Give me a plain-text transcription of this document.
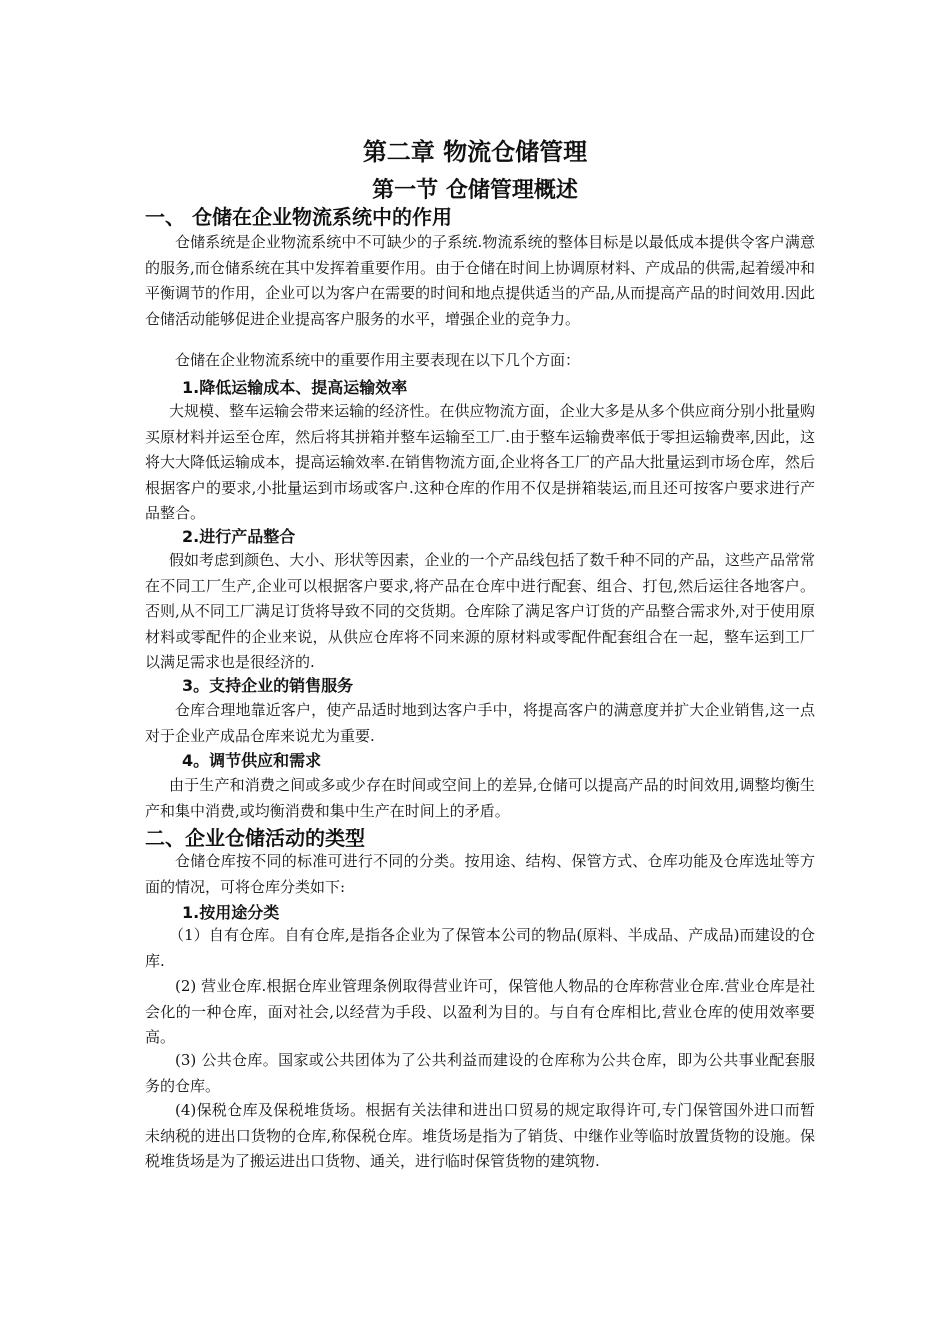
第二章 物流仓储管理
第一节 仓储管理概述
一、 仓储在企业物流系统中的作用
仓储系统是企业物流系统中不可缺少的子系统.物流系统的整体目标是以最低成本提供令客户满意的服务,而仓储系统在其中发挥着重要作用。由于仓储在时间上协调原材料、产成品的供需,起着缓冲和平衡调节的作用，企业可以为客户在需要的时间和地点提供适当的产品,从而提高产品的时间效用.因此仓储活动能够促进企业提高客户服务的水平，增强企业的竞争力。
仓储在企业物流系统中的重要作用主要表现在以下几个方面：
1.降低运输成本、提高运输效率
大规模、整车运输会带来运输的经济性。在供应物流方面，企业大多是从多个供应商分别小批量购买原材料并运至仓库，然后将其拼箱并整车运输至工厂.由于整车运输费率低于零担运输费率,因此，这将大大降低运输成本，提高运输效率.在销售物流方面,企业将各工厂的产品大批量运到市场仓库，然后根据客户的要求,小批量运到市场或客户.这种仓库的作用不仅是拼箱装运,而且还可按客户要求进行产品整合。
2.进行产品整合
假如考虑到颜色、大小、形状等因素，企业的一个产品线包括了数千种不同的产品，这些产品常常在不同工厂生产,企业可以根据客户要求,将产品在仓库中进行配套、组合、打包,然后运往各地客户。否则,从不同工厂满足订货将导致不同的交货期。仓库除了满足客户订货的产品整合需求外,对于使用原材料或零配件的企业来说，从供应仓库将不同来源的原材料或零配件配套组合在一起，整车运到工厂以满足需求也是很经济的.
3。支持企业的销售服务
仓库合理地靠近客户，使产品适时地到达客户手中，将提高客户的满意度并扩大企业销售,这一点对于企业产成品仓库来说尤为重要.
4。调节供应和需求
由于生产和消费之间或多或少存在时间或空间上的差异,仓储可以提高产品的时间效用,调整均衡生产和集中消费,或均衡消费和集中生产在时间上的矛盾。
二、企业仓储活动的类型
仓储仓库按不同的标准可进行不同的分类。按用途、结构、保管方式、仓库功能及仓库选址等方面的情况，可将仓库分类如下:
1.按用途分类
（1）自有仓库。自有仓库,是指各企业为了保管本公司的物品(原料、半成品、产成品)而建设的仓库.
(2) 营业仓库.根据仓库业管理条例取得营业许可，保管他人物品的仓库称营业仓库.营业仓库是社会化的一种仓库，面对社会,以经营为手段、以盈利为目的。与自有仓库相比,营业仓库的使用效率要高。
(3) 公共仓库。国家或公共团体为了公共利益而建设的仓库称为公共仓库，即为公共事业配套服务的仓库。
(4)保税仓库及保税堆货场。根据有关法律和进出口贸易的规定取得许可,专门保管国外进口而暂未纳税的进出口货物的仓库,称保税仓库。堆货场是指为了销货、中继作业等临时放置货物的设施。保税堆货场是为了搬运进出口货物、通关，进行临时保管货物的建筑物.
